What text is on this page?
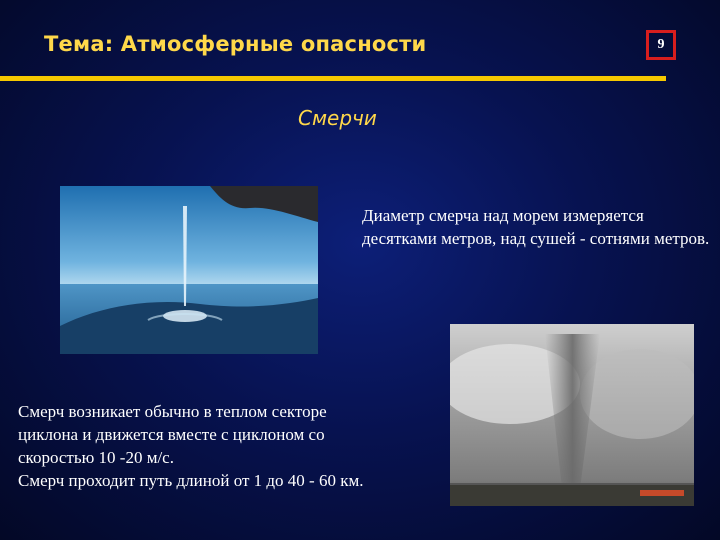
Тема: Атмосферные опасности	9
Смерчи
Диаметр смерча над морем измеряется десятками метров, над сушей - сотнями метров.
Смерч возникает обычно в теплом секторе
циклона и движется вместе с циклоном со
скоростью 10 -20 м/с.
Смерч проходит путь длиной от 1 до 40 - 60 км.
